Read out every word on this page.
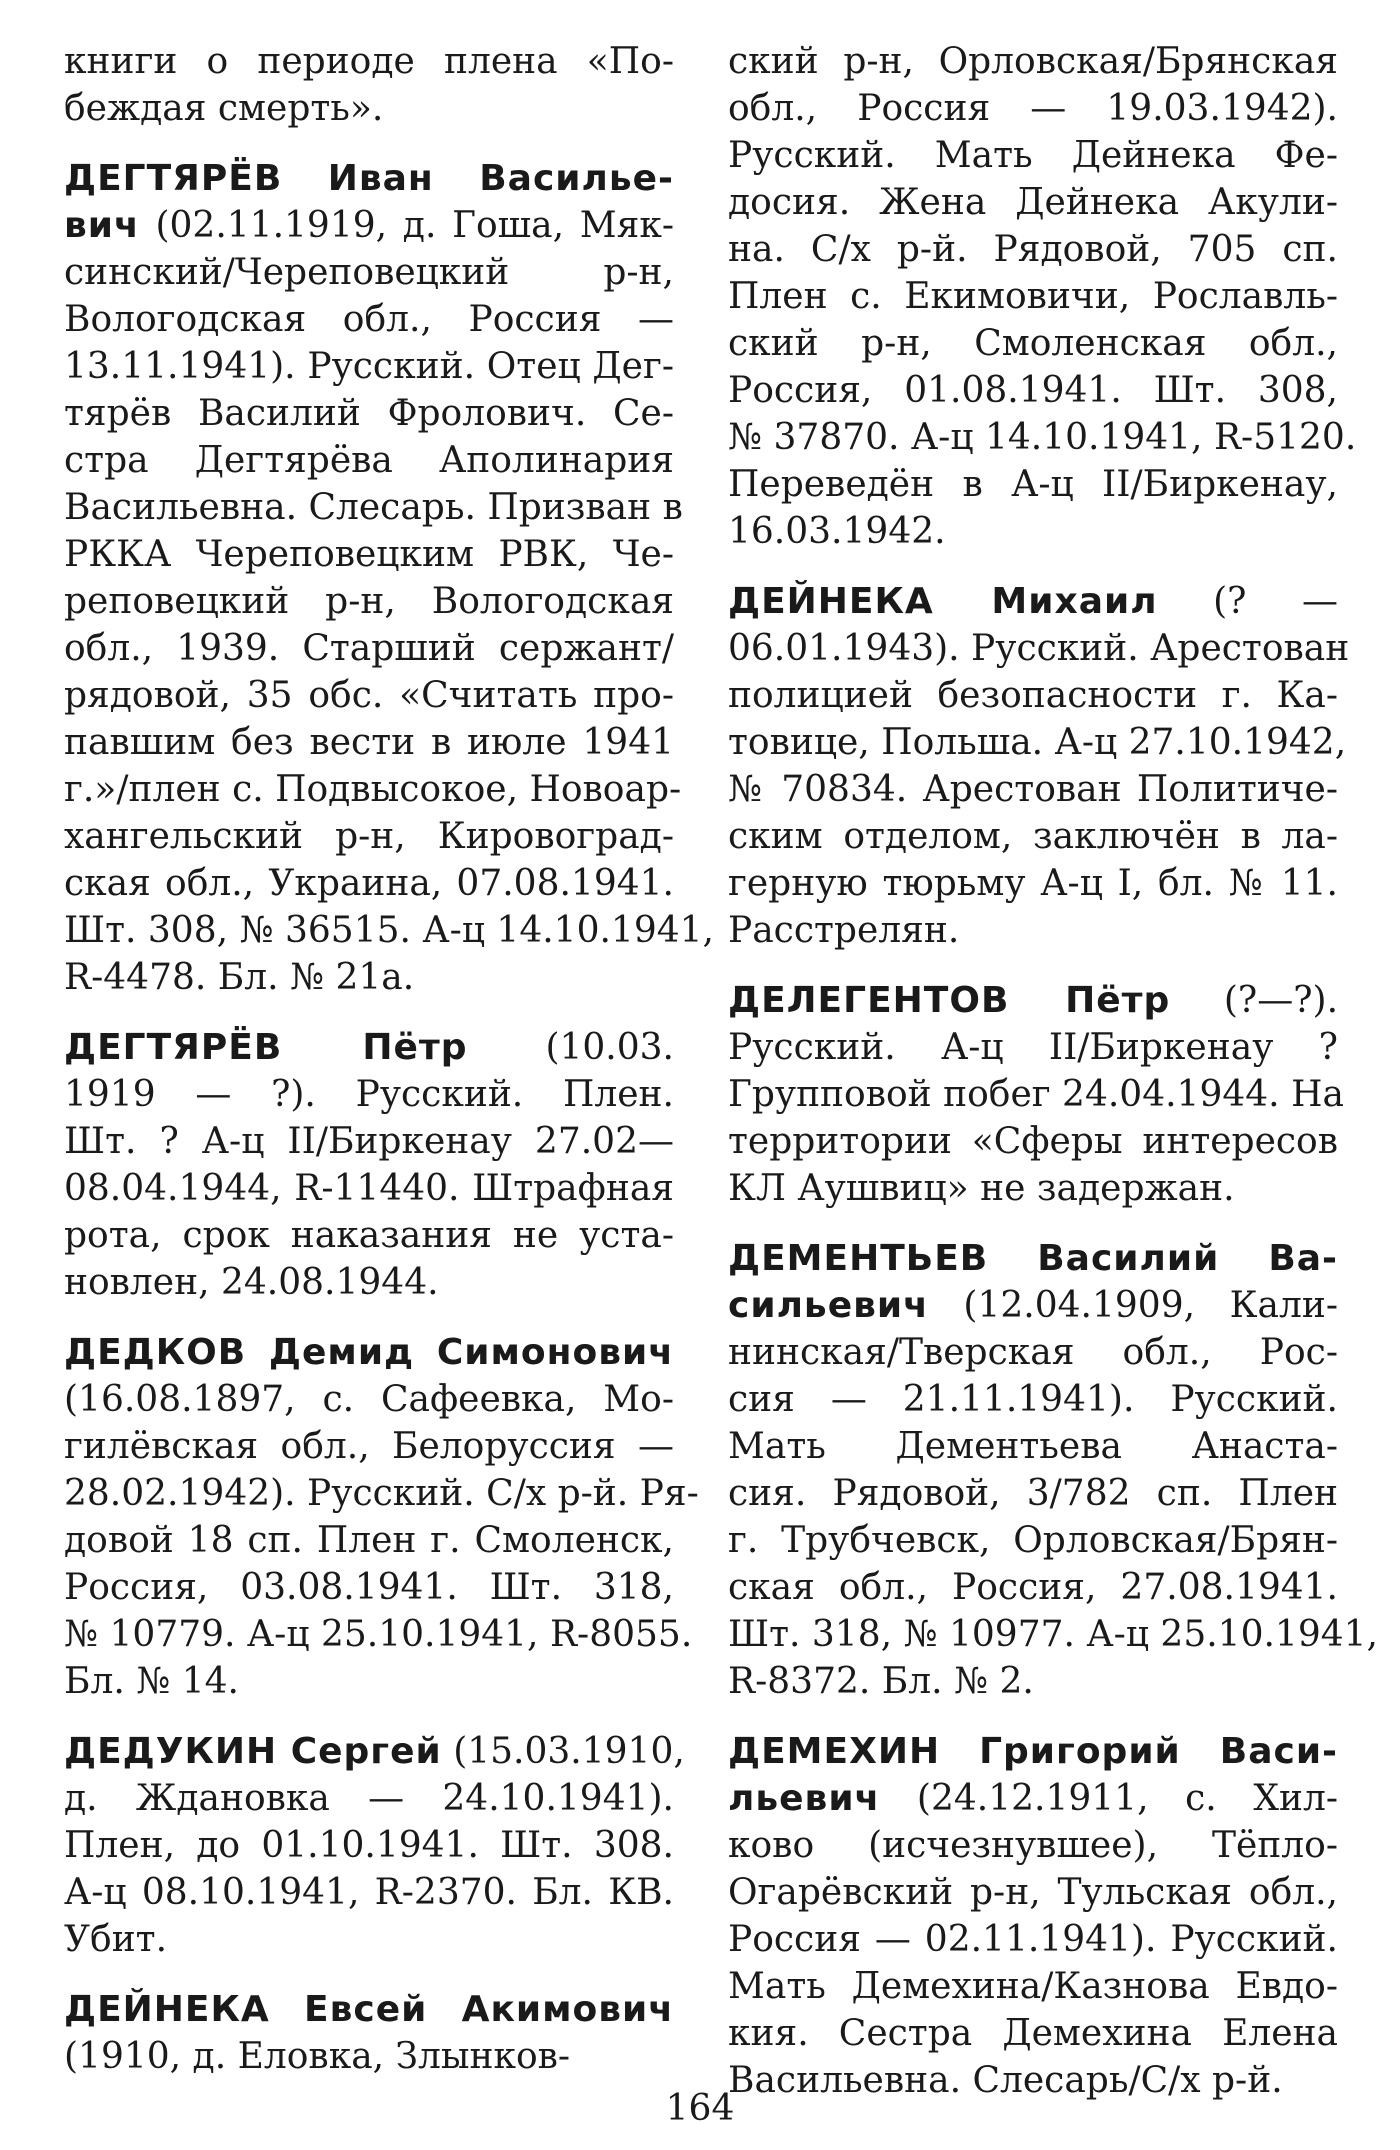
книги о периоде плена «По-
беждая смерть».
ДЕГТЯРЁВ Иван Василье-
вич (02.11.1919, д. Гоша, Мяк-
синский/Череповецкий р-н,
Вологодская обл., Россия —
13.11.1941). Русский. Отец Дег-
тярёв Василий Фролович. Се-
стра Дегтярёва Аполинария
Васильевна. Слесарь. Призван в
РККА Череповецким РВК, Че-
реповецкий р-н, Вологодская
обл., 1939. Старший сержант/
рядовой, 35 обс. «Считать про-
павшим без вести в июле 1941
г.»/плен с. Подвысокое, Новоар-
хангельский р-н, Кировоград-
ская обл., Украина, 07.08.1941.
Шт. 308, № 36515. А-ц 14.10.1941,
R-4478. Бл. № 21а.
ДЕГТЯРЁВ Пётр (10.03.
1919 — ?). Русский. Плен.
Шт. ? А-ц II/Биркенау 27.02—
08.04.1944, R-11440. Штрафная
рота, срок наказания не уста-
новлен, 24.08.1944.
ДЕДКОВ Демид Симонович
(16.08.1897, с. Сафеевка, Мо-
гилёвская обл., Белоруссия —
28.02.1942). Русский. С/х р-й. Ря-
довой 18 сп. Плен г. Смоленск,
Россия, 03.08.1941. Шт. 318,
№ 10779. А-ц 25.10.1941, R-8055.
Бл. № 14.
ДЕДУКИН Сергей (15.03.1910,
д. Ждановка — 24.10.1941).
Плен, до 01.10.1941. Шт. 308.
А-ц 08.10.1941, R-2370. Бл. КВ.
Убит.
ДЕЙНЕКА Евсей Акимович
(1910, д. Еловка, Злынков-
ский р-н, Орловская/Брянская
обл., Россия — 19.03.1942).
Русский. Мать Дейнека Фе-
досия. Жена Дейнека Акули-
на. С/х р-й. Рядовой, 705 сп.
Плен с. Екимовичи, Рославль-
ский р-н, Смоленская обл.,
Россия, 01.08.1941. Шт. 308,
№ 37870. А-ц 14.10.1941, R-5120.
Переведён в А-ц II/Биркенау,
16.03.1942.
ДЕЙНЕКА Михаил (? —
06.01.1943). Русский. Арестован
полицией безопасности г. Ка-
товице, Польша. А-ц 27.10.1942,
№ 70834. Арестован Политиче-
ским отделом, заключён в ла-
герную тюрьму А-ц I, бл. № 11.
Расстрелян.
ДЕЛЕГЕНТОВ Пётр (?—?).
Русский. А-ц II/Биркенау ?
Групповой побег 24.04.1944. На
территории «Сферы интересов
КЛ Аушвиц» не задержан.
ДЕМЕНТЬЕВ Василий Ва-
сильевич (12.04.1909, Кали-
нинская/Тверская обл., Рос-
сия — 21.11.1941). Русский.
Мать Дементьева Анаста-
сия. Рядовой, 3/782 сп. Плен
г. Трубчевск, Орловская/Брян-
ская обл., Россия, 27.08.1941.
Шт. 318, № 10977. А-ц 25.10.1941,
R-8372. Бл. № 2.
ДЕМЕХИН Григорий Васи-
льевич (24.12.1911, с. Хил-
ково (исчезнувшее), Тёпло-
Огарёвский р-н, Тульская обл.,
Россия — 02.11.1941). Русский.
Мать Демехина/Казнова Евдо-
кия. Сестра Демехина Елена
Васильевна. Слесарь/С/х р-й.
164
